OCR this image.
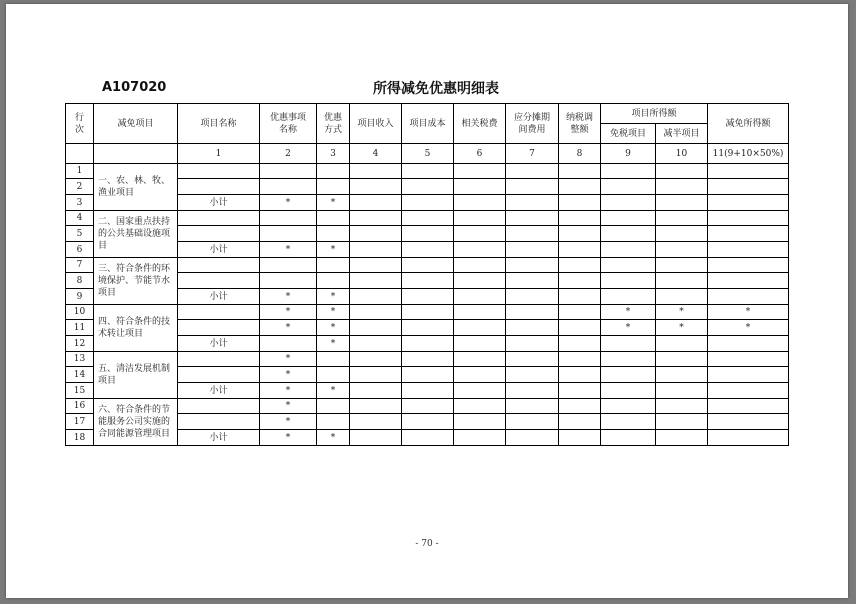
A107020	所得减免优惠明细表
行次	减免项目	项目名称	优惠事项名称	优惠方式	项目收入	项目成本	相关税费	应分摊期间费用	纳税调整额	项目所得额		减免所得额
										免税项目	减半项目	
		1	2	3	4	5	6	7	8	9	10	11(9+10×50%)
1	一、农、林、牧、渔业项目											
2												
3		小计	*	*								
4	二、国家重点扶持的公共基础设施项目											
5												
6		小计	*	*								
7	三、符合条件的环境保护、节能节水项目											
8												
9		小计	*	*								
10	四、符合条件的技术转让项目		*	*						*	*	*
11			*	*						*	*	*
12		小计		*								
13	五、清洁发展机制项目		*									
14			*									
15		小计	*	*								
16	六、符合条件的节能服务公司实施的合同能源管理项目		*									
17			*									
18		小计	*	*								
- 70 -
